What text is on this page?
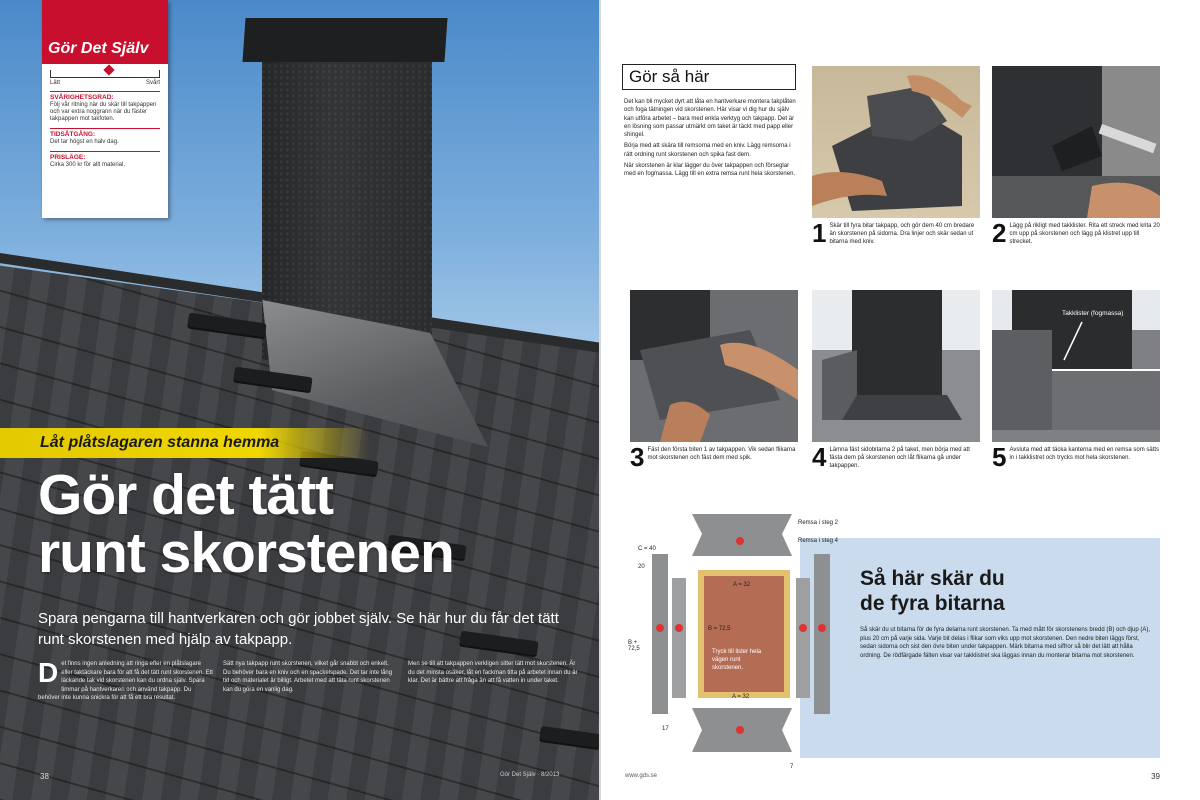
Gör Det Själv
Lätt	Svårt
SVÅRIGHETSGRAD:
Följ vår ritning när du skär till takpappen och var extra noggrann när du fäster takpappen mot takfoten.
TIDSÅTGÅNG:
Det tar högst en halv dag.
PRISLÄGE:
Cirka 300 kr för allt material.
Låt plåtslagaren stanna hemma
Gör det tätt
runt skorstenen
Spara pengarna till hantverkaren och gör jobbet själv. Se här hur du får det tätt runt skorstenen med hjälp av takpapp.
D et finns ingen anledning att ringa efter en plåtslagare eller taktäckare bara för att få det tätt runt skorstenen. Ett läckande tak vid skorstenen kan du ordna själv. Spara timmar på hantverkaren och använd takpapp. Du behöver inte kunna snickra för att få ett bra resultat.
Sätt nya takpapp runt skorstenen, vilket går snabbt och enkelt. Du behöver bara en kniv och en spackelspade. Det tar inte lång tid och materialet är billigt. Arbetet med att täta runt skorstenen kan du göra en vanlig dag.
Men se till att takpappen verkligen sitter tätt mot skorstenen. Är du det minsta osäker, låt en fackman titta på arbetet innan du är klar. Det är bättre att fråga än att få vatten in under taket.
38	Gör Det Själv · 8/2013
Gör så här

Det kan bli mycket dyrt att låta en hantverkare montera takplåten och foga tätningen vid skorstenen. Här visar vi dig hur du själv kan utföra arbetet – bara med enkla verktyg och takpapp. Det är en lösning som passar utmärkt om taket är täckt med papp eller shingel.

Börja med att skära till remsorna med en kniv. Lägg remsorna i rätt ordning runt skorstenen och spika fast dem.

När skorstenen är klar lägger du över takpappen och förseglar med en fogmassa. Lägg till en extra remsa runt hela skorstenen.

1 Skär till fyra bitar takpapp, och gör dem 40 cm bredare än skorstenen på sidorna. Dra linjer och skär sedan ut bitarna med kniv.	2 Lägg på rikligt med takklister. Rita ett streck med krita 20 cm upp på skorstenen och lägg på klistret upp till strecket.
Takklister (fogmassa)
3 Fäst den första biten 1 av takpappen. Vik sedan flikarna mot skorstenen och fäst dem med spik.	4 Lämna fäst sidobitarna 2 på taket, men börja med att fästa dem på skorstenen och låt flikarna gå under takpappen.	5 Avsluta med att täcka kanterna med en remsa som sätts in i takklistret och trycks mot hela skorstenen.
Remsa i steg 2
Remsa i steg 4
C = 40
A = 32
B = 72,5
B + 72,5
A = 32
20
17
7
Tryck till lister hela vägen runt skorstenen.
Så här skär du
de fyra bitarna
Så skär du ut bitarna för de fyra delarna runt skorstenen. Ta med mått för skorstenens bredd (B) och djup (A), plus 20 cm på varje sida. Varje bit delas i flikar som viks upp mot skorstenen. Den nedre biten läggs först, sedan sidorna och sist den övre biten under takpappen. Märk bitarna med siffror så blir det lätt att hålla ordning. De rödfärgade fälten visar var takklistret ska läggas innan du monterar bitarna mot skorstenen.
www.gds.se	39
